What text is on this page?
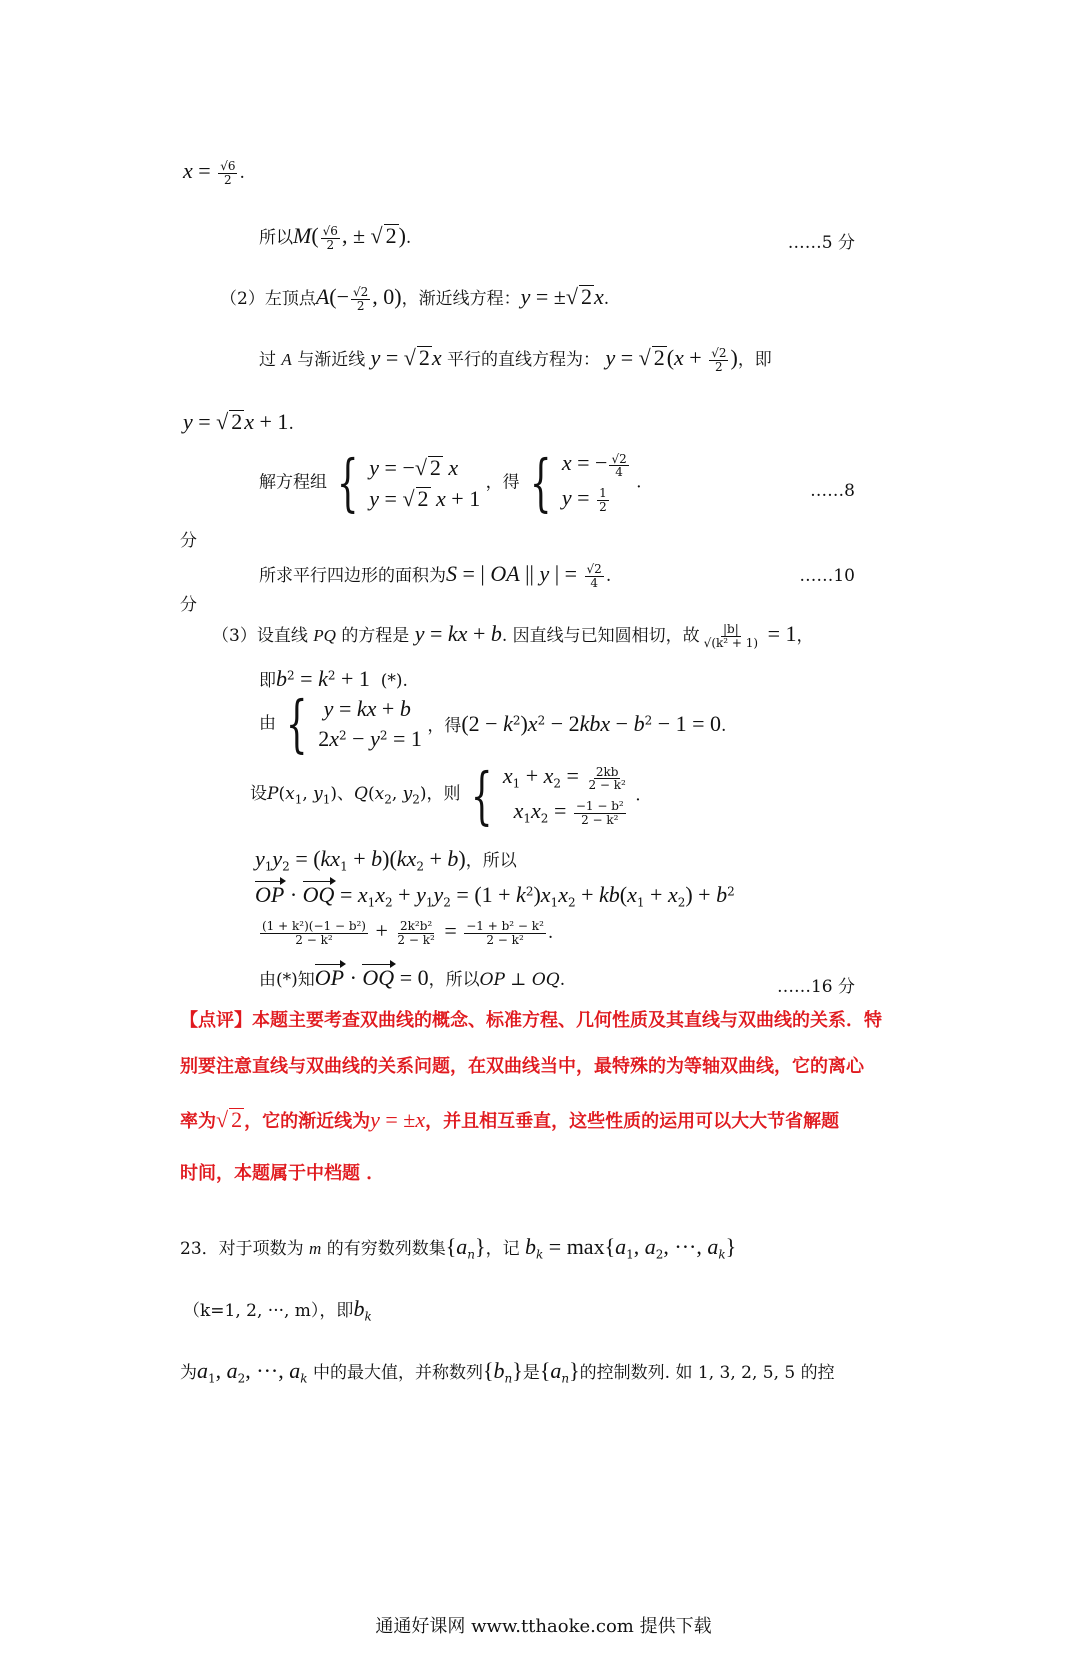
$x = \frac{√6}{2}$ .
所以$M( \frac{√6}{2}$ , ± √ 2).	……5 分
（2）左顶点$A(- \frac{√2}{2}$ , 0)，渐近线方程：y = ±√ 2x.
过 A 与渐近线 y = √ 2x 平行的直线方程为： y = √ $2(x + \frac{√2}{2}$ )，即
y = √ 2x + 1.
解方程组 { y = −√ 2 x
y = √ 2 x + 1
，得 { x = − $\frac{√2}{4}$
$y = \frac{1}{2}$
.	……8
分
所求平行四边形的面积为S = | OA || y | = $\frac{√2}{4}$ .	……10
分
（3）设直线 PQ 的方程是 y = kx + b. 因直线与已知圆相切，故 $\frac{|b|}{\text{√(k² + 1)}} = 1$，
即$b^2 = k^2 + 1$  (*).
由 { y = kx + b
$2x^2 - y^2 = 1$ ，得$(2 - k^2)x^2 - 2kbx - b^2 - 1 = 0$.
设$P(x_1$, $y_1$)、$Q(x_2$, $y_2$)，则 { $x_1 + x_2 = \frac{2kb}{\text{2 − k²}}$
$x_1x_2 = \frac{\text{−1 − b²}}{\text{2 − k²}}$
.
$y_1y_2 = (kx_1 + b)(kx_2 + b)$，所以
OP · OQ = $x_1x_2 + y_1y_2 = (1 + k^2)x_1x_2 + kb(x_1 + x_2) + b^2$
$\frac{\text{(1 + k²)(−1 − b²)}}{\text{2 − k²}} + \frac{\text{2k²b²}}{\text{2 − k²}} = \frac{\text{−1 + b² − k²}}{\text{2 − k²}}$ .
由(*)知OP · OQ = 0，所以OP ⊥ OQ.	……16 分
【点评】本题主要考查双曲线的概念、标准方程、几何性质及其直线与双曲线的关系．特
别要注意直线与双曲线的关系问题，在双曲线当中，最特殊的为等轴双曲线，它的离心
率为√ 2 ，它的渐近线为y = ±x，并且相互垂直，这些性质的运用可以大大节省解题
时间，本题属于中档题 ．
23．对于项数为 m 的有穷数列数集$\{a_n\}$，记 $b_k = \max\{a_1$, $a_2$, ···, $a_k$}
（k=1, 2, ···, m），即$b_k$
为$a_1$, $a_2$, ···, $a_k$ 中的最大值，并称数列$\{b_n\}$是$\{a_n\}$的控制数列. 如 1, 3, 2, 5, 5 的控
通通好课网 www.tthaoke.com 提供下载
